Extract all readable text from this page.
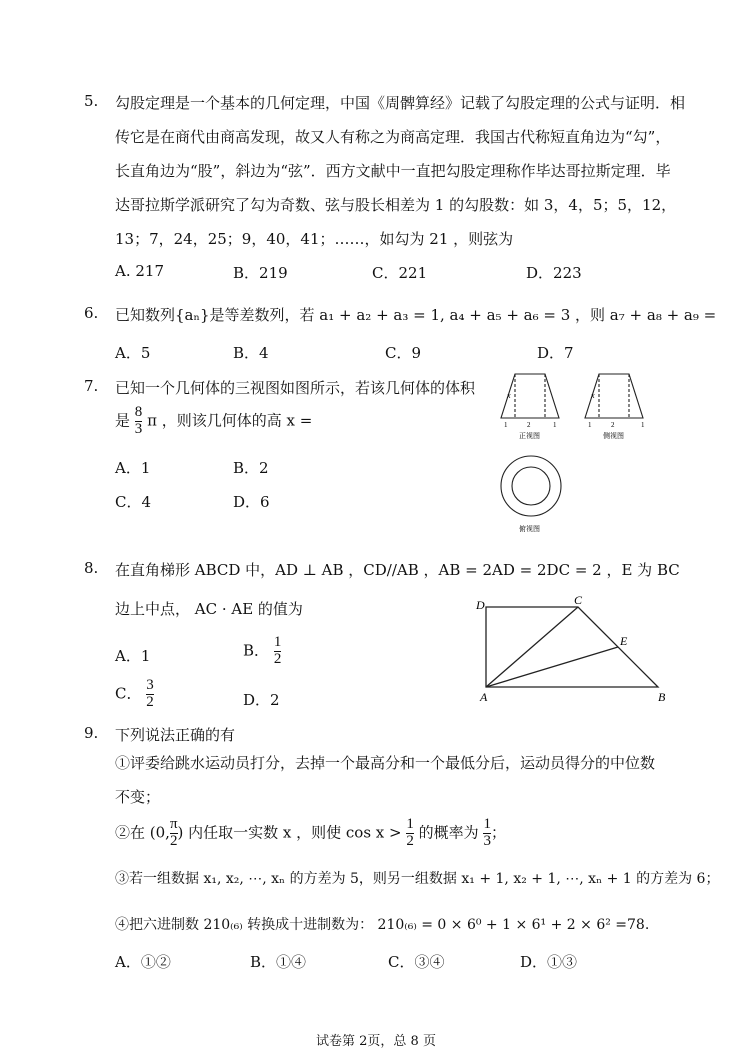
5. 勾股定理是一个基本的几何定理，中国《周髀算经》记载了勾股定理的公式与证明．相
传它是在商代由商高发现，故又人有称之为商高定理．我国古代称短直角边为“勾”，
长直角边为“股”，斜边为“弦”．西方文献中一直把勾股定理称作毕达哥拉斯定理．毕
达哥拉斯学派研究了勾为奇数、弦与股长相差为 1 的勾股数：如 3，4，5；5，12，
13；7，24，25；9，40，41；……，如勾为 21 ，则弦为
A. 217	B．219	C．221	D．223
6. 已知数列{aₙ}是等差数列，若 a₁ + a₂ + a₃ = 1, a₄ + a₅ + a₆ = 3 ，则 a₇ + a₈ + a₉ =
A．5	B．4	C．9	D．7
7. 已知一个几何体的三视图如图所示，若该几何体的体积
是 $\frac{8}{3}$ π ，则该几何体的高 x =
A．1	B．2
C．4	D．6
x
1	2	1
正视图
x
1	2	1
侧视图
俯视图
8. 在直角梯形 ABCD 中，AD ⊥ AB ，CD//AB ，AB = 2AD = 2DC = 2 ，E 为 BC
边上中点， AC · AE 的值为
A．1	B． $\frac{1}{2}$
C． $\frac{3}{2}$	D．2
D	C
E
A	B
9. 下列说法正确的有
①评委给跳水运动员打分，去掉一个最高分和一个最低分后，运动员得分的中位数
不变；
②在 (0, $\frac{\pi}{2}$ ) 内任取一实数 x ，则使 $\cos x > \frac{1}{2}$ 的概率为 $\frac{1}{3}$ ；
③若一组数据 x₁, x₂, ⋯, xₙ 的方差为 5，则另一组数据 x₁ + 1, x₂ + 1, ⋯, xₙ + 1 的方差为 6；
④把六进制数 210₍₆₎ 转换成十进制数为： 210₍₆₎ = 0 × 6⁰ + 1 × 6¹ + 2 × 6² =78.
A．①②	B．①④	C．③④	D．①③
试卷第 2页，总 8 页
